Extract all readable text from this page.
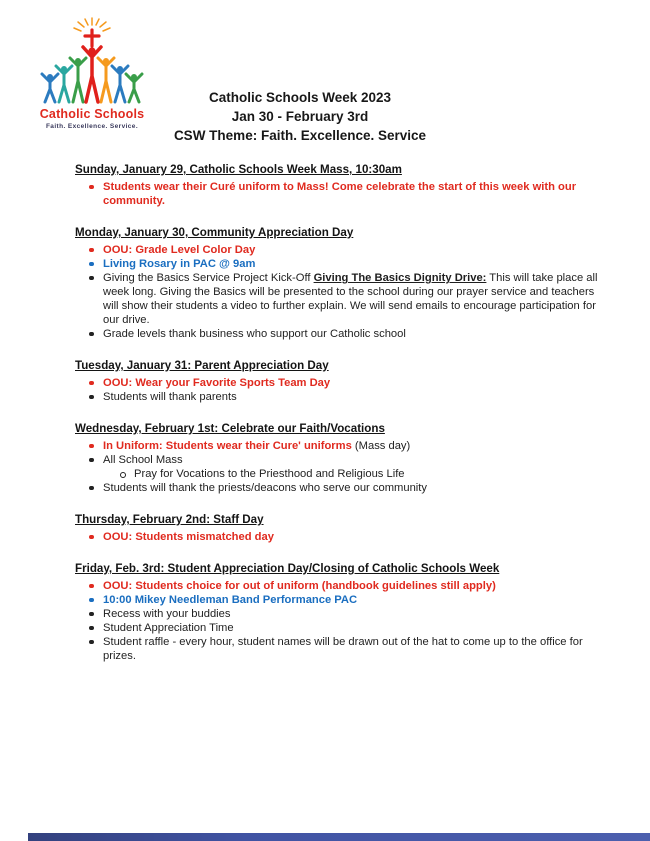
Catholic Schools
Faith. Excellence. Service.
Catholic Schools Week 2023
Jan 30 - February 3rd
CSW Theme: Faith. Excellence. Service
Sunday, January 29, Catholic Schools Week Mass, 10:30am
Students wear their Curé uniform to Mass! Come celebrate the start of this week with our community.
Monday, January 30, Community Appreciation Day
OOU: Grade Level Color Day
Living Rosary in PAC @ 9am
Giving the Basics Service Project Kick-Off Giving The Basics Dignity Drive: This will take place all week long. Giving the Basics will be presented to the school during our prayer service and teachers will show their students a video to further explain. We will send emails to encourage participation for our drive.
Grade levels thank business who support our Catholic school
Tuesday, January 31: Parent Appreciation Day
OOU: Wear your Favorite Sports Team Day
Students will thank parents
Wednesday, February 1st: Celebrate our Faith/Vocations
In Uniform: Students wear their Cure' uniforms (Mass day)
All School Mass
Pray for Vocations to the Priesthood and Religious Life
Students will thank the priests/deacons who serve our community
Thursday, February 2nd: Staff Day
OOU: Students mismatched day
Friday, Feb. 3rd: Student Appreciation Day/Closing of Catholic Schools Week
OOU: Students choice for out of uniform (handbook guidelines still apply)
10:00 Mikey Needleman Band Performance PAC
Recess with your buddies
Student Appreciation Time
Student raffle - every hour, student names will be drawn out of the hat to come up to the office for prizes.
